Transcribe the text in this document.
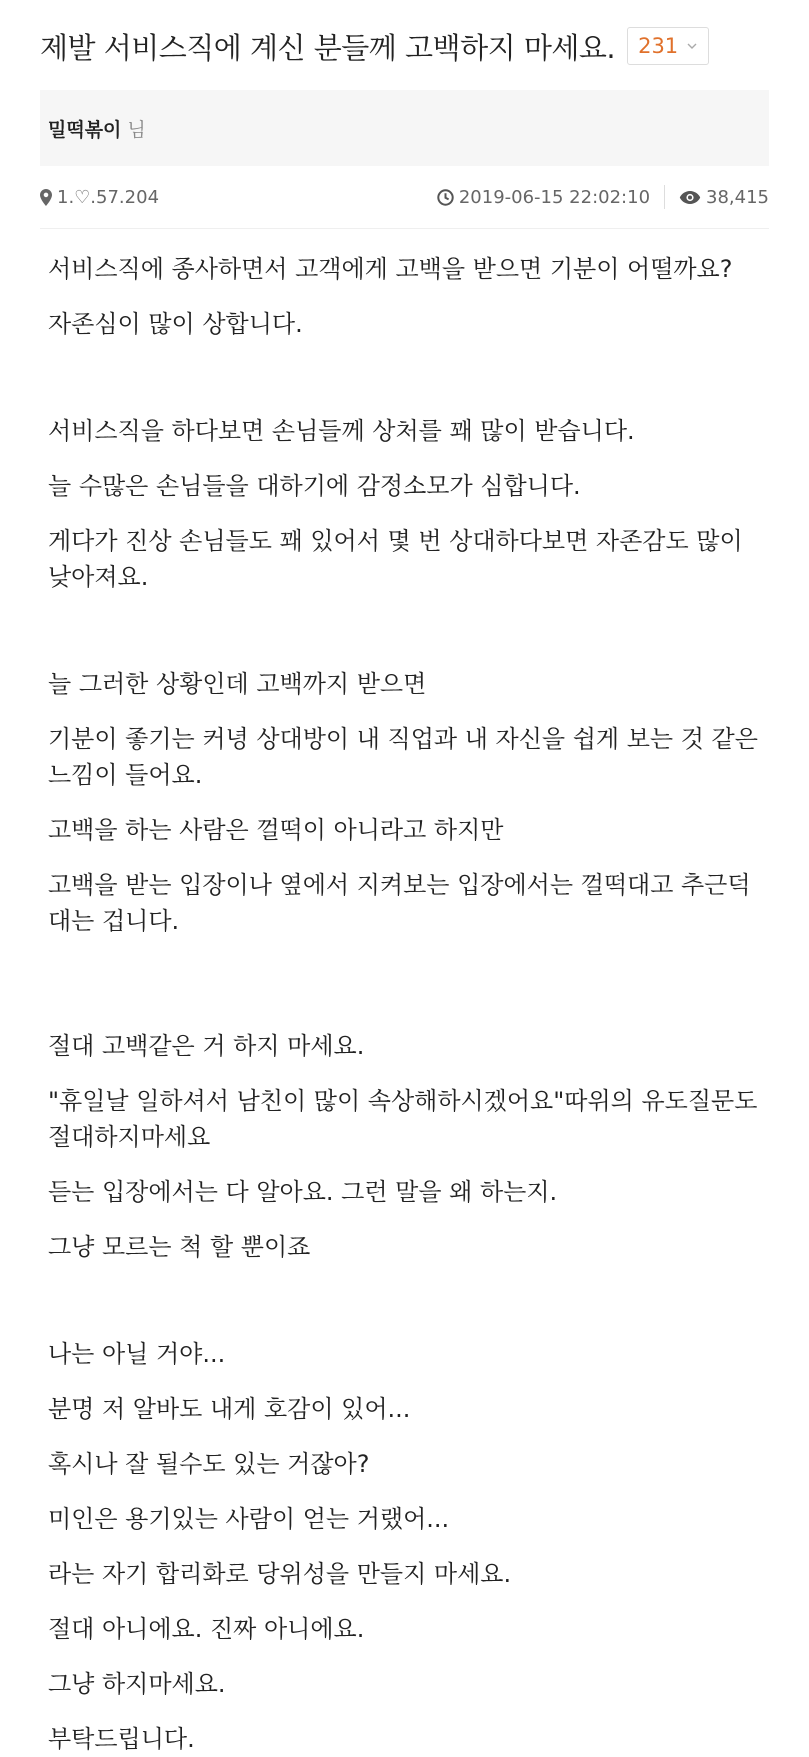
제발 서비스직에 계신 분들께 고백하지 마세요. 231
밀떡볶이 님
1.♡.57.204	2019-06-15 22:02:10	38,415

서비스직에 종사하면서 고객에게 고백을 받으면 기분이 어떨까요?

자존심이 많이 상합니다.

서비스직을 하다보면 손님들께 상처를 꽤 많이 받습니다.

늘 수많은 손님들을 대하기에 감정소모가 심합니다.

게다가 진상 손님들도 꽤 있어서 몇 번 상대하다보면 자존감도 많이 낮아져요.

늘 그러한 상황인데 고백까지 받으면

기분이 좋기는 커녕 상대방이 내 직업과 내 자신을 쉽게 보는 것 같은 느낌이 들어요.

고백을 하는 사람은 껄떡이 아니라고 하지만

고백을 받는 입장이나 옆에서 지켜보는 입장에서는 껄떡대고 추근덕 대는 겁니다.

절대 고백같은 거 하지 마세요.

"휴일날 일하셔서 남친이 많이 속상해하시겠어요"따위의 유도질문도 절대하지마세요

듣는 입장에서는 다 알아요. 그런 말을 왜 하는지.

그냥 모르는 척 할 뿐이죠

나는 아닐 거야...

분명 저 알바도 내게 호감이 있어...

혹시나 잘 될수도 있는 거잖아?

미인은 용기있는 사람이 얻는 거랬어...

라는 자기 합리화로 당위성을 만들지 마세요.

절대 아니에요. 진짜 아니에요.

그냥 하지마세요.

부탁드립니다.
